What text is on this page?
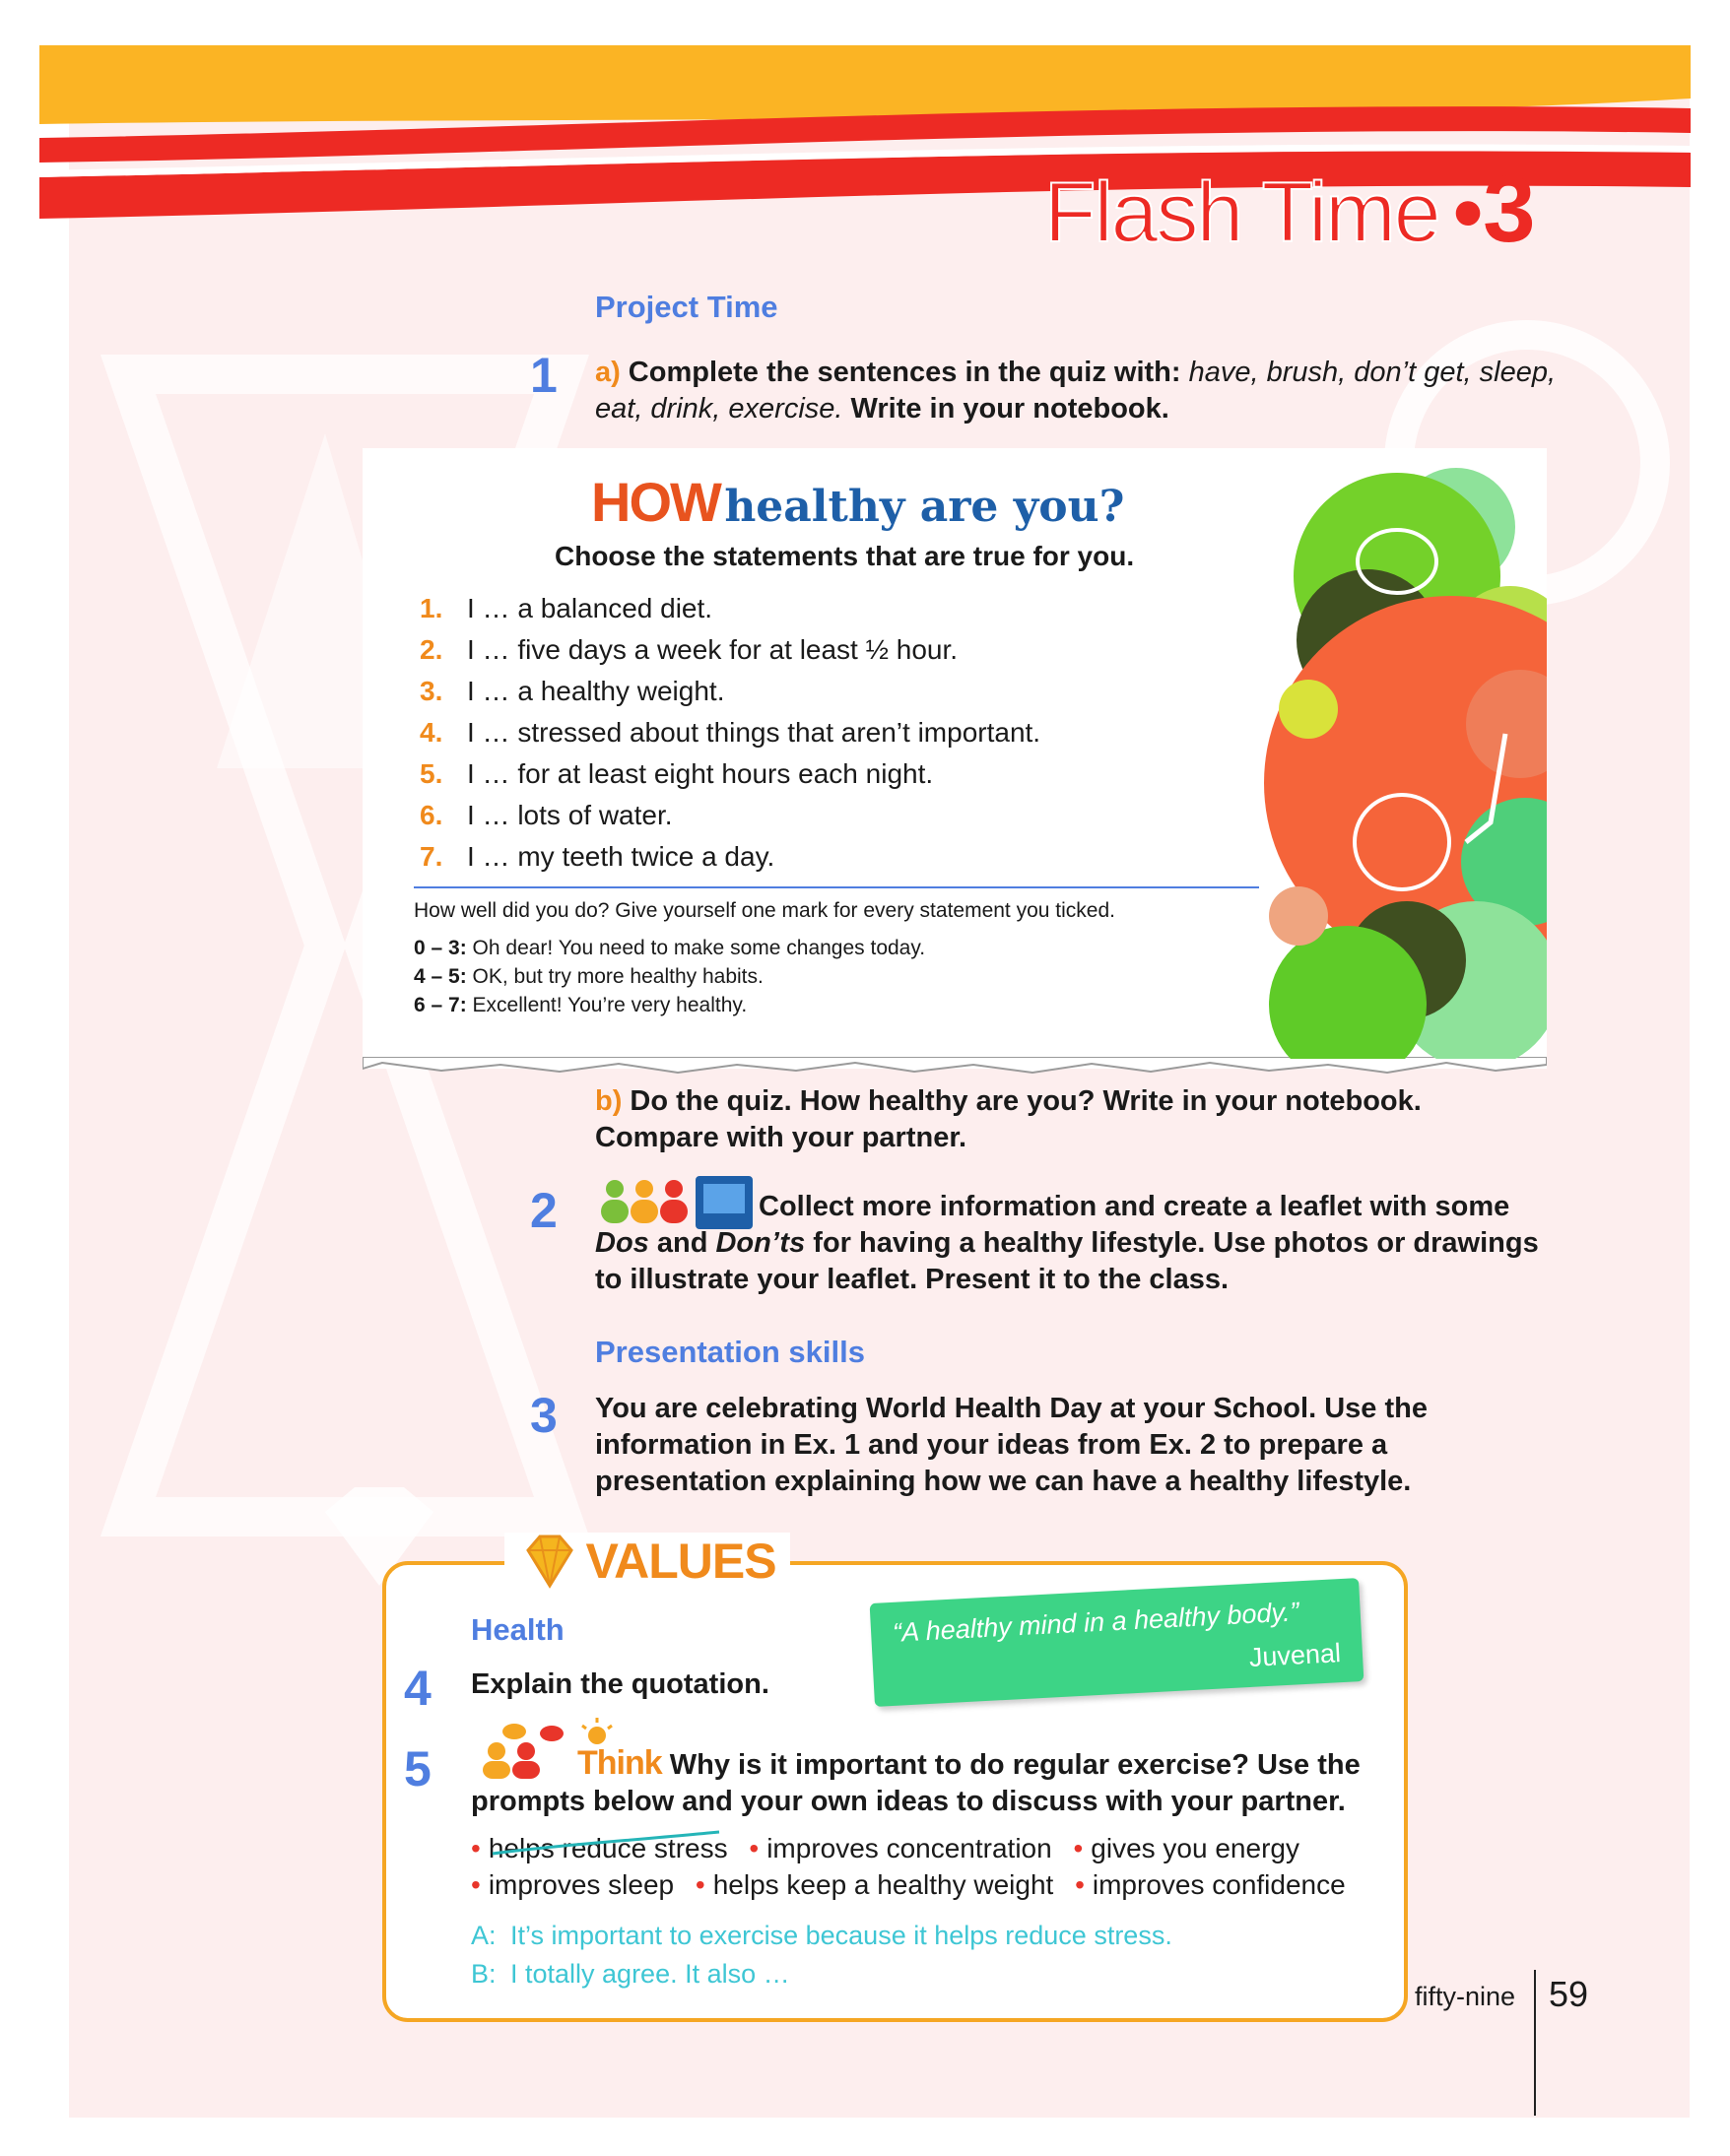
Flash Time •3
Project Time
1 a) Complete the sentences in the quiz with: have, brush, don’t get, sleep, eat, drink, exercise. Write in your notebook.
HOW healthy are you?
Choose the statements that are true for you.
1. I … a balanced diet.
2. I … five days a week for at least ½ hour.
3. I … a healthy weight.
4. I … stressed about things that aren’t important.
5. I … for at least eight hours each night.
6. I … lots of water.
7. I … my teeth twice a day.
How well did you do? Give yourself one mark for every statement you ticked.
0 – 3: Oh dear! You need to make some changes today.
4 – 5: OK, but try more healthy habits.
6 – 7: Excellent! You’re very healthy.
b) Do the quiz. How healthy are you? Write in your notebook. Compare with your partner.
2	Collect more information and create a leaflet with some Dos and Don’ts for having a healthy lifestyle. Use photos or drawings to illustrate your leaflet. Present it to the class.
Presentation skills
3 You are celebrating World Health Day at your School. Use the information in Ex. 1 and your ideas from Ex. 2 to prepare a presentation explaining how we can have a healthy lifestyle.
VALUES
Health	“A healthy mind in a healthy body.”
Juvenal
4 Explain the quotation.
5	Think Why is it important to do regular exercise? Use the prompts below and your own ideas to discuss with your partner.
• helps reduce stress • improves concentration • gives you energy
• improves sleep • helps keep a healthy weight • improves confidence
A: It’s important to exercise because it helps reduce stress.
B: I totally agree. It also …
fifty-nine 59
